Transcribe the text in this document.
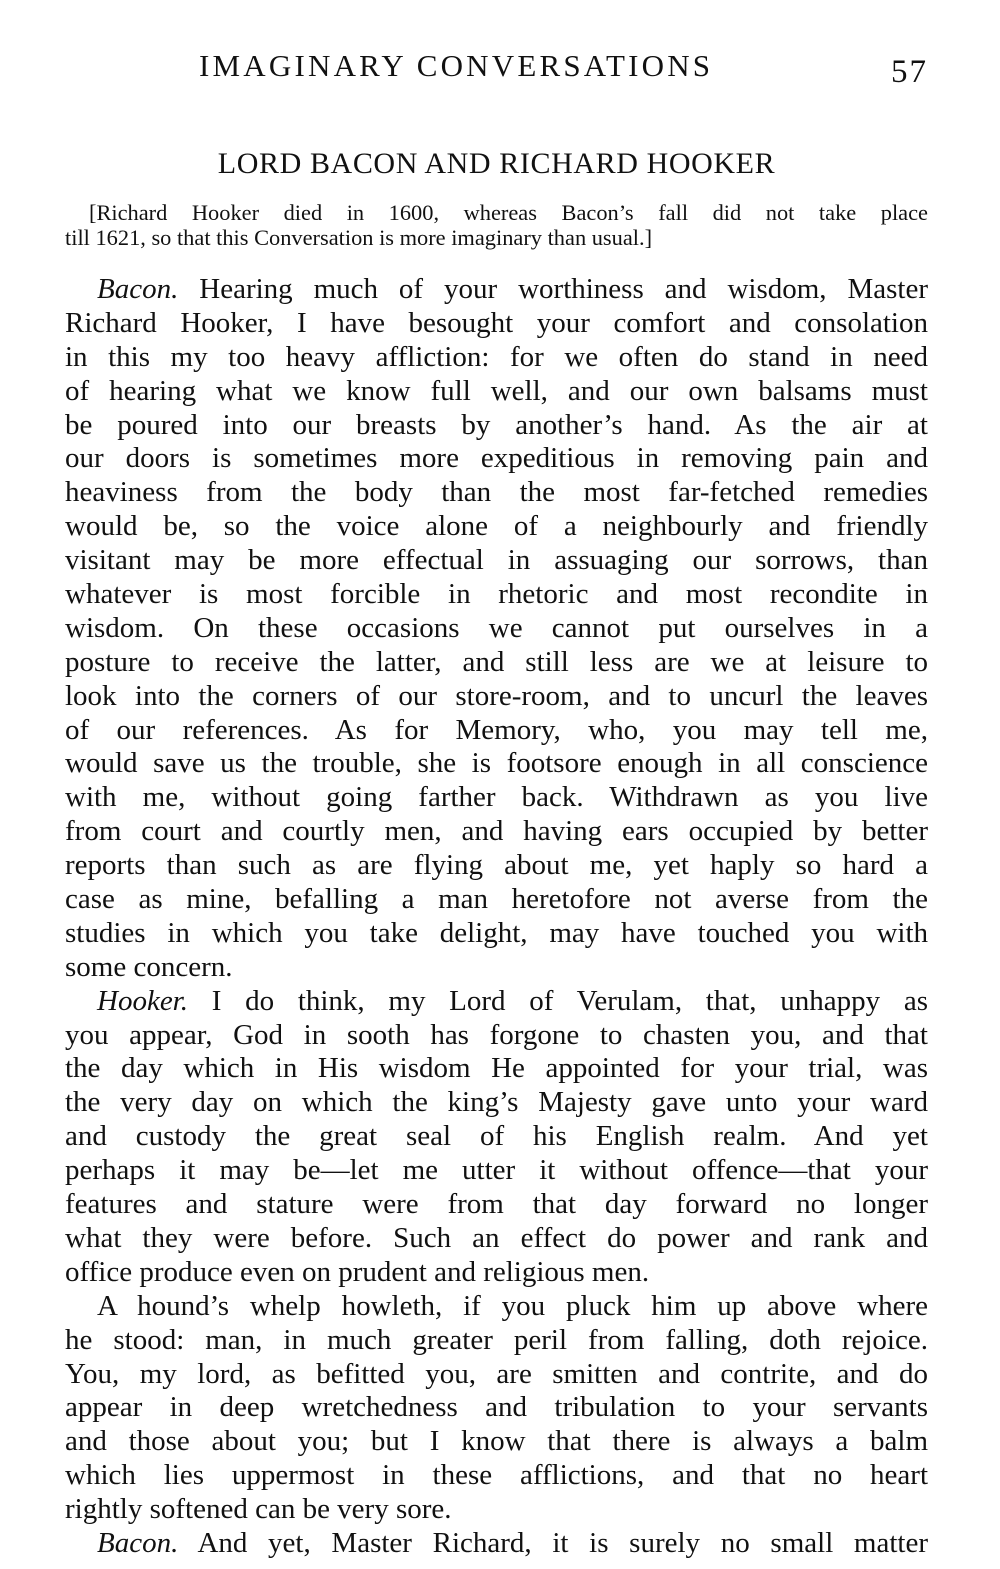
IMAGINARY CONVERSATIONS	57
LORD BACON AND RICHARD HOOKER
[Richard Hooker died in 1600, whereas Bacon’s fall did not take place
till 1621, so that this Conversation is more imaginary than usual.]
Bacon. Hearing much of your worthiness and wisdom, Master
Richard Hooker, I have besought your comfort and consolation
in this my too heavy affliction: for we often do stand in need
of hearing what we know full well, and our own balsams must
be poured into our breasts by another’s hand. As the air at
our doors is sometimes more expeditious in removing pain and
heaviness from the body than the most far-fetched remedies
would be, so the voice alone of a neighbourly and friendly
visitant may be more effectual in assuaging our sorrows, than
whatever is most forcible in rhetoric and most recondite in
wisdom. On these occasions we cannot put ourselves in a
posture to receive the latter, and still less are we at leisure to
look into the corners of our store-room, and to uncurl the leaves
of our references. As for Memory, who, you may tell me,
would save us the trouble, she is footsore enough in all conscience
with me, without going farther back. Withdrawn as you live
from court and courtly men, and having ears occupied by better
reports than such as are flying about me, yet haply so hard a
case as mine, befalling a man heretofore not averse from the
studies in which you take delight, may have touched you with
some concern.
Hooker. I do think, my Lord of Verulam, that, unhappy as
you appear, God in sooth has forgone to chasten you, and that
the day which in His wisdom He appointed for your trial, was
the very day on which the king’s Majesty gave unto your ward
and custody the great seal of his English realm. And yet
perhaps it may be—let me utter it without offence—that your
features and stature were from that day forward no longer
what they were before. Such an effect do power and rank and
office produce even on prudent and religious men.
A hound’s whelp howleth, if you pluck him up above where
he stood: man, in much greater peril from falling, doth rejoice.
You, my lord, as befitted you, are smitten and contrite, and do
appear in deep wretchedness and tribulation to your servants
and those about you; but I know that there is always a balm
which lies uppermost in these afflictions, and that no heart
rightly softened can be very sore.
Bacon. And yet, Master Richard, it is surely no small matter
